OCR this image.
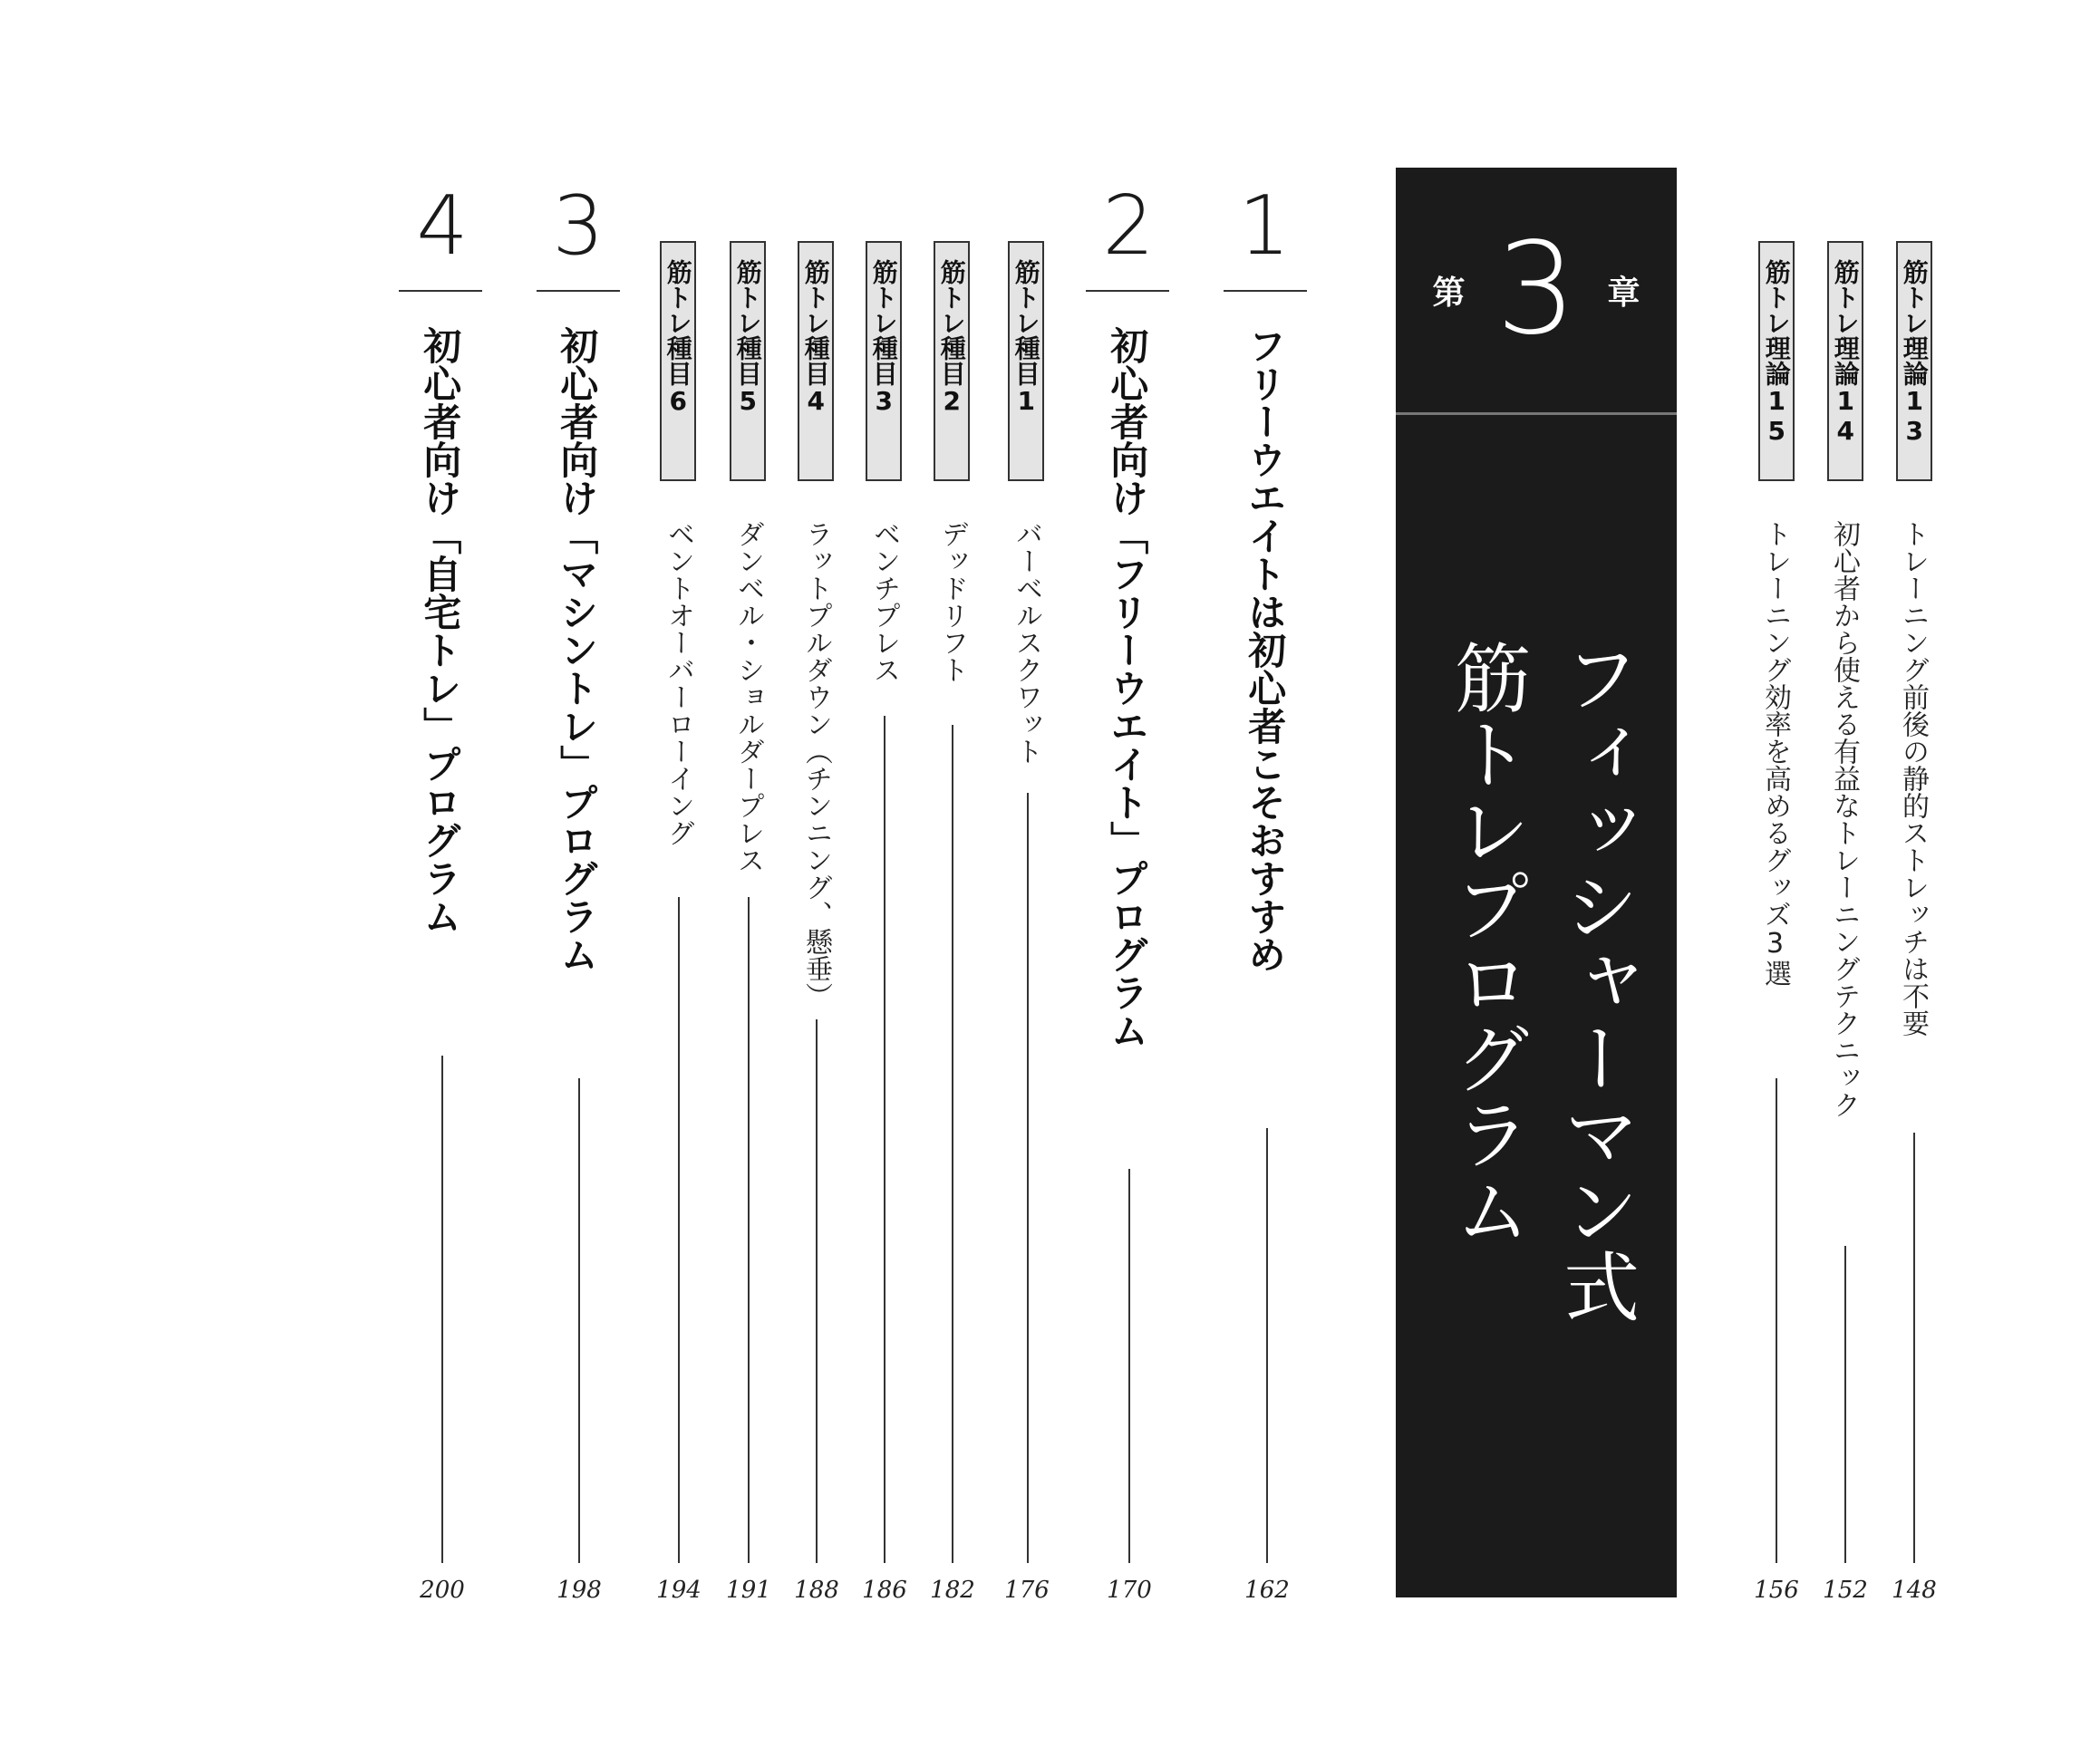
筋トレ理論13
トレーニング前後の静的ストレッチは不要
148
筋トレ理論14
初心者から使える有益なトレーニングテクニック
152
筋トレ理論15
トレーニング効率を高めるグッズ3選
156
第 3 章
フィッシャーマン式
筋トレプログラム
1
フリーウエイトは初心者こそおすすめ
162
2
初心者向け「フリーウエイト」プログラム
170
筋トレ種目1
バーベルスクワット
176
筋トレ種目2
デッドリフト
182
筋トレ種目3
ベンチプレス
186
筋トレ種目4
ラットプルダウン（チンニング、懸垂）
188
筋トレ種目5
ダンベル・ショルダープレス
191
筋トレ種目6
ベントオーバーローイング
194
3
初心者向け「マシントレ」プログラム
198
4
初心者向け「自宅トレ」プログラム
200
